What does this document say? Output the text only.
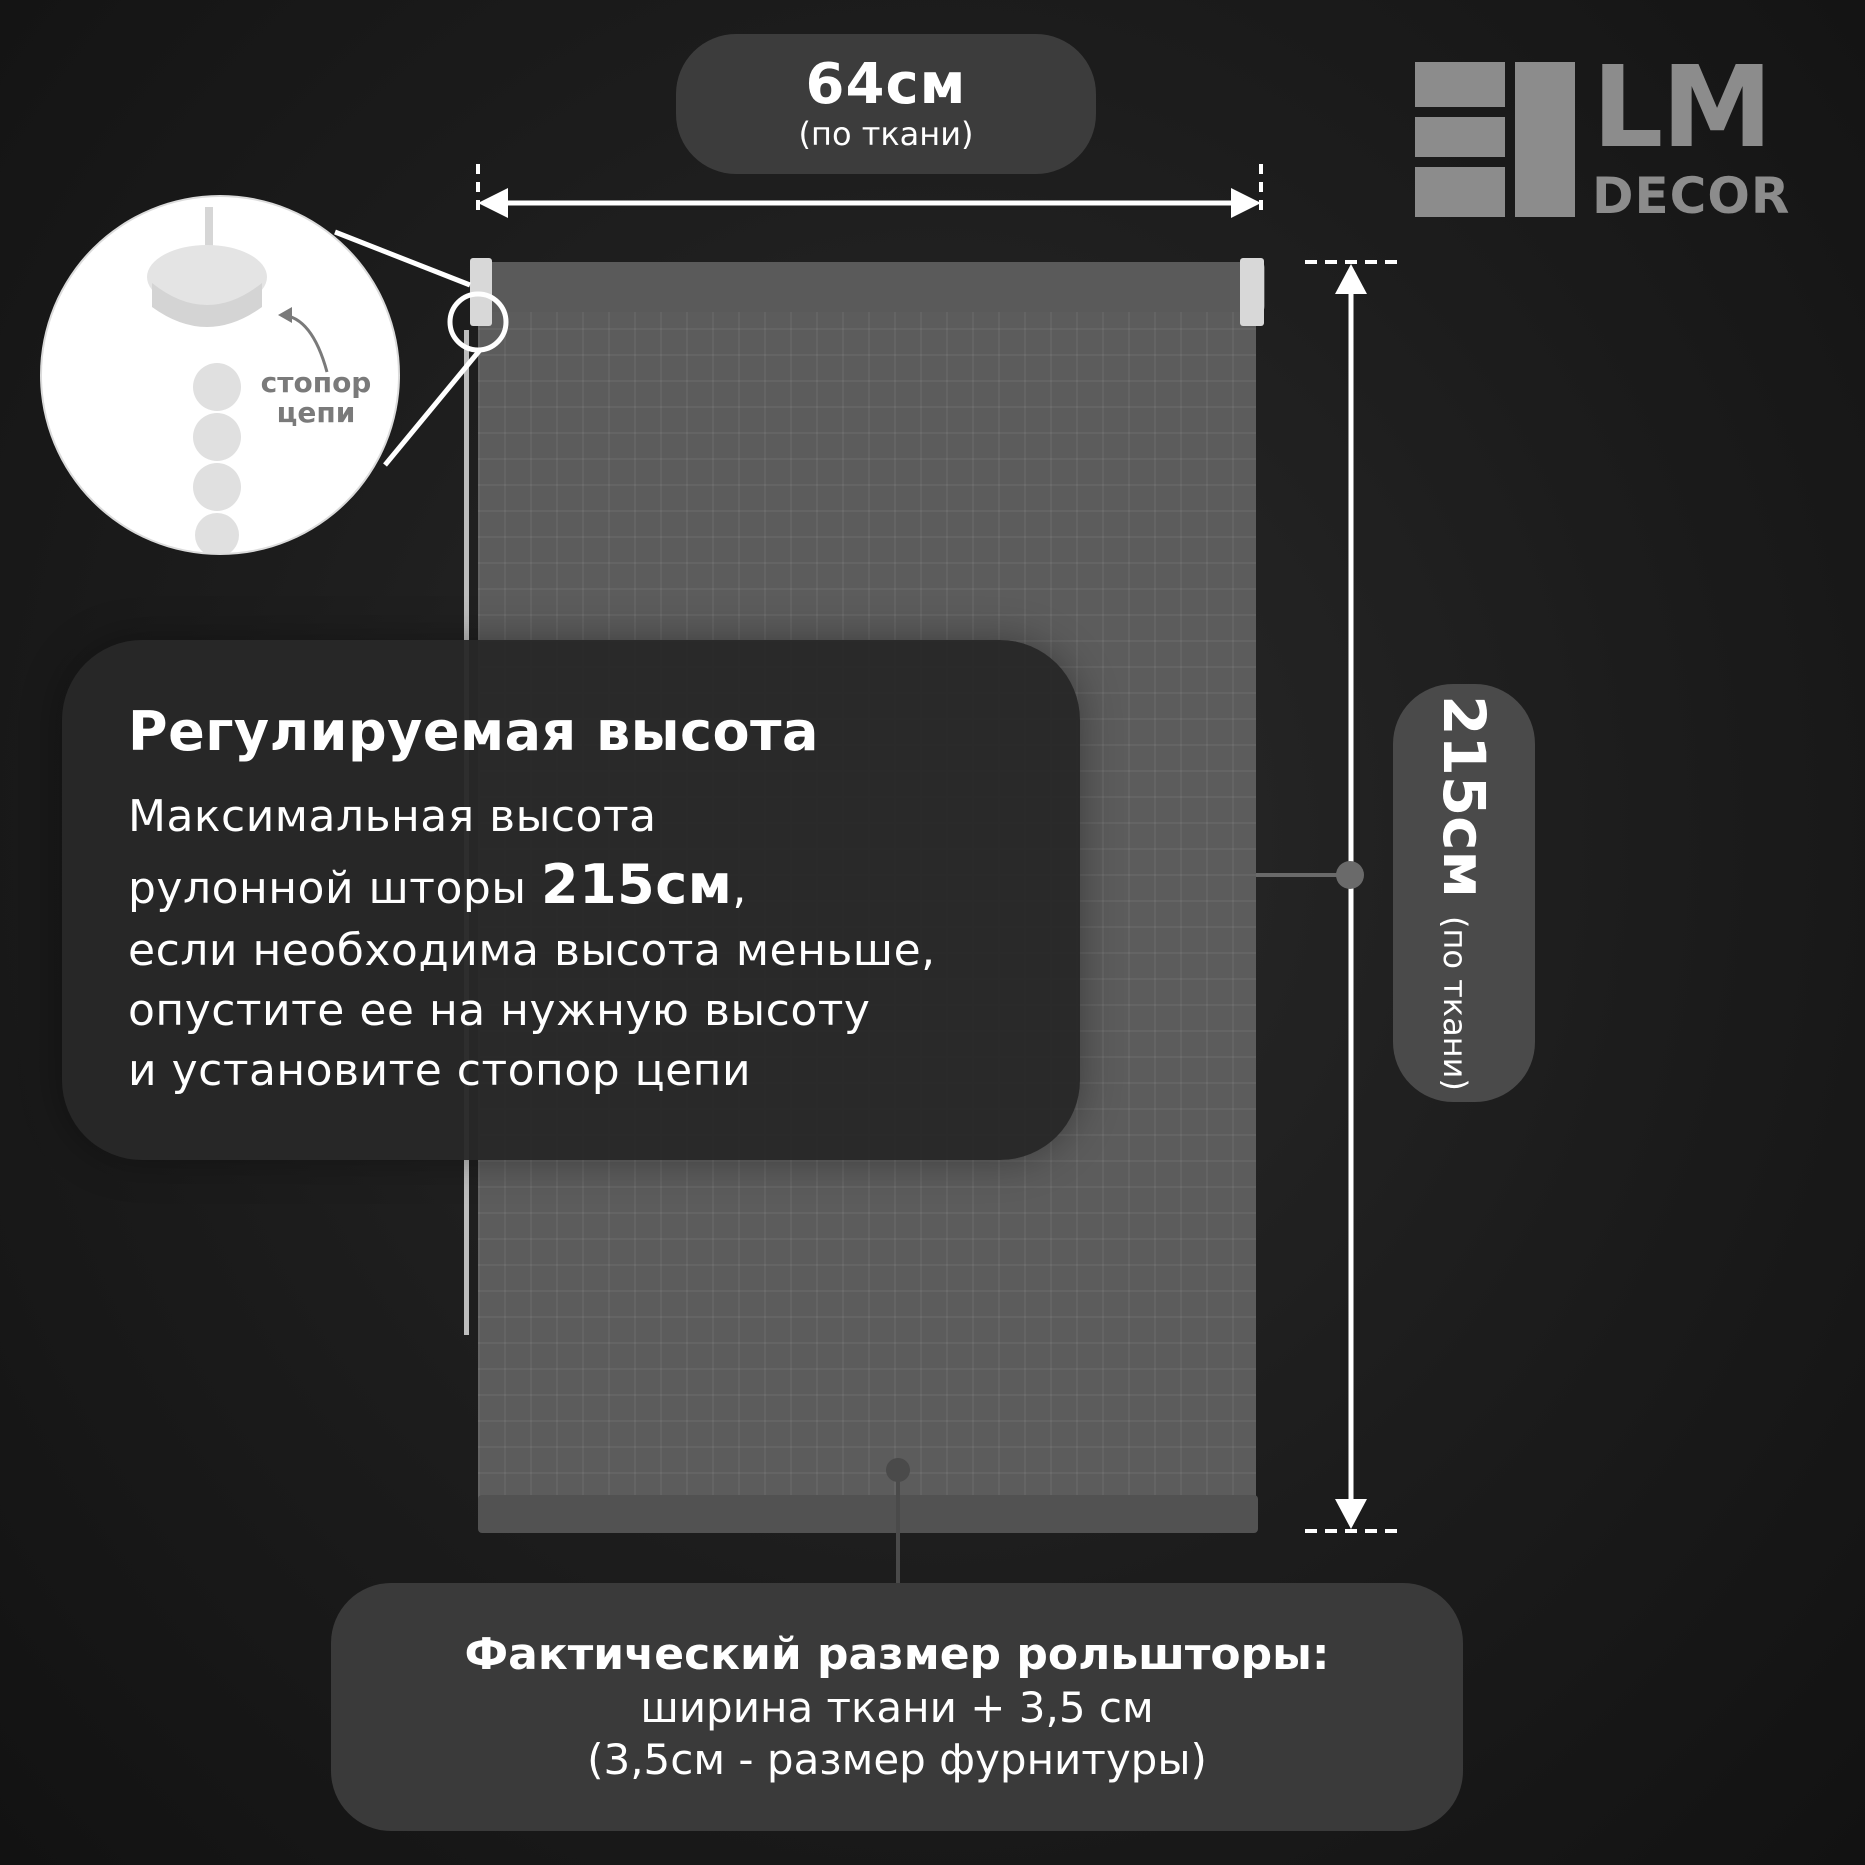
64см
(по ткани)	LM
DECOR
стопор
цепи
215см
(по ткани)
Регулируемая высота
Максимальная высота
рулонной шторы 215см,
если необходима высота меньше,
опустите ее на нужную высоту
и установите стопор цепи
Фактический размер рольшторы:
ширина ткани + 3,5 см
(3,5см - размер фурнитуры)
